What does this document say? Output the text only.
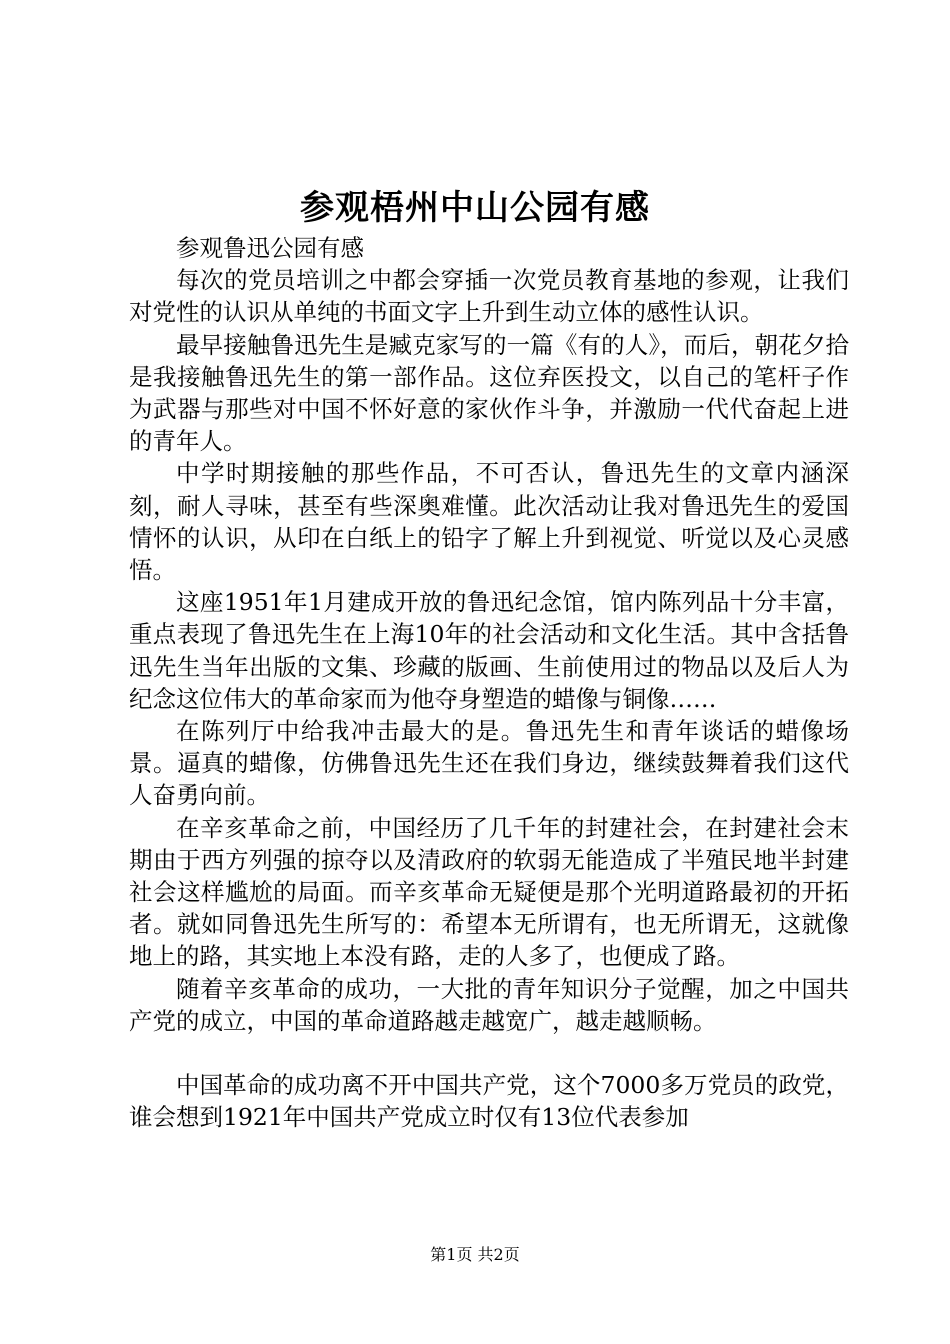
参观梧州中山公园有感

参观鲁迅公园有感

每次的党员培训之中都会穿插一次党员教育基地的参观，让我们对党性的认识从单纯的书面文字上升到生动立体的感性认识。

最早接触鲁迅先生是臧克家写的一篇《有的人》，而后，朝花夕拾是我接触鲁迅先生的第一部作品。这位弃医投文，以自己的笔杆子作为武器与那些对中国不怀好意的家伙作斗争，并激励一代代奋起上进的青年人。

中学时期接触的那些作品，不可否认，鲁迅先生的文章内涵深刻，耐人寻味，甚至有些深奥难懂。此次活动让我对鲁迅先生的爱国情怀的认识，从印在白纸上的铅字了解上升到视觉、听觉以及心灵感悟。

这座1951年1月建成开放的鲁迅纪念馆，馆内陈列品十分丰富，重点表现了鲁迅先生在上海10年的社会活动和文化生活。其中含括鲁迅先生当年出版的文集、珍藏的版画、生前使用过的物品以及后人为纪念这位伟大的革命家而为他夺身塑造的蜡像与铜像……

在陈列厅中给我冲击最大的是。鲁迅先生和青年谈话的蜡像场景。逼真的蜡像，仿佛鲁迅先生还在我们身边，继续鼓舞着我们这代人奋勇向前。

在辛亥革命之前，中国经历了几千年的封建社会，在封建社会末期由于西方列强的掠夺以及清政府的软弱无能造成了半殖民地半封建社会这样尴尬的局面。而辛亥革命无疑便是那个光明道路最初的开拓者。就如同鲁迅先生所写的：希望本无所谓有，也无所谓无，这就像地上的路，其实地上本没有路，走的人多了，也便成了路。

随着辛亥革命的成功，一大批的青年知识分子觉醒，加之中国共产党的成立，中国的革命道路越走越宽广，越走越顺畅。

中国革命的成功离不开中国共产党，这个7000多万党员的政党，谁会想到1921年中国共产党成立时仅有13位代表参加

第1页 共2页
